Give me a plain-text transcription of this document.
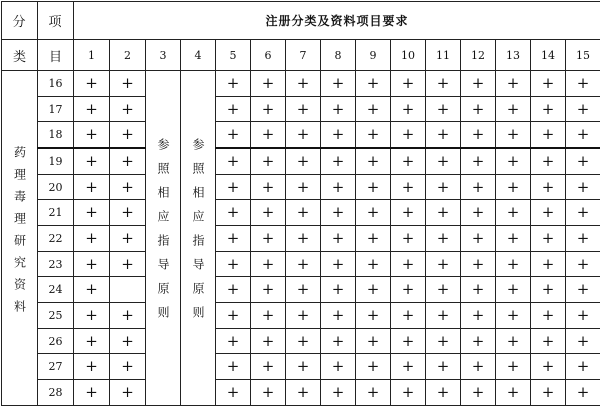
分	项	注册分类及资料项目要求														
类	目	1	2	3	4	5	6	7	8	9	10	11	12	13	14	15
药理毒理研究资料	16	+	+	参照相应指导原则	参照相应指导原则	+	+	+	+	+	+	+	+	+	+	+
	17	+	+			+	+	+	+	+	+	+	+	+	+	+
	18	+	+			+	+	+	+	+	+	+	+	+	+	+
	19	+	+			+	+	+	+	+	+	+	+	+	+	+
	20	+	+			+	+	+	+	+	+	+	+	+	+	+
	21	+	+			+	+	+	+	+	+	+	+	+	+	+
	22	+	+			+	+	+	+	+	+	+	+	+	+	+
	23	+	+			+	+	+	+	+	+	+	+	+	+	+
	24	+				+	+	+	+	+	+	+	+	+	+	+
	25	+	+			+	+	+	+	+	+	+	+	+	+	+
	26	+	+			+	+	+	+	+	+	+	+	+	+	+
	27	+	+			+	+	+	+	+	+	+	+	+	+	+
	28	+	+			+	+	+	+	+	+	+	+	+	+	+
